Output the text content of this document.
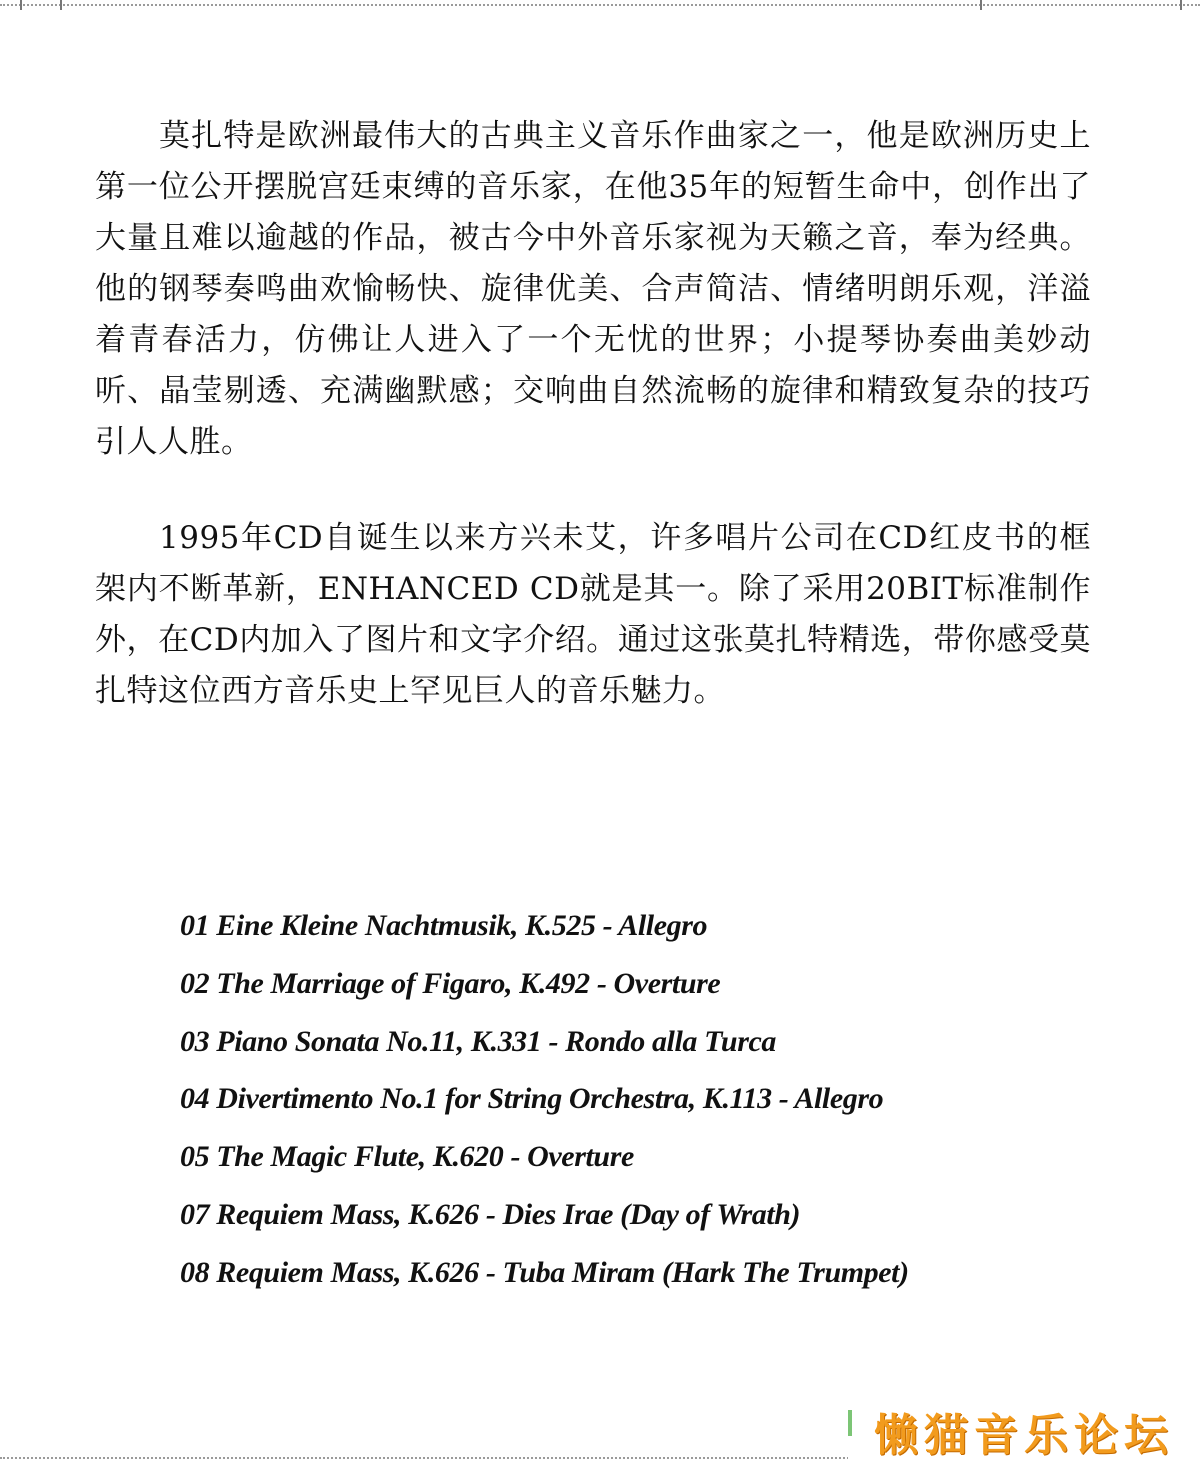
莫扎特是欧洲最伟大的古典主义音乐作曲家之一，他是欧洲历史上第一位公开摆脱宫廷束缚的音乐家，在他35年的短暂生命中，创作出了大量且难以逾越的作品，被古今中外音乐家视为天籁之音，奉为经典。他的钢琴奏鸣曲欢愉畅快、旋律优美、合声简洁、情绪明朗乐观，洋溢着青春活力，仿佛让人进入了一个无忧的世界；小提琴协奏曲美妙动听、晶莹剔透、充满幽默感；交响曲自然流畅的旋律和精致复杂的技巧引人人胜。

1995年CD自诞生以来方兴未艾，许多唱片公司在CD红皮书的框架内不断革新，ENHANCED CD就是其一。除了采用20BIT标准制作外，在CD内加入了图片和文字介绍。通过这张莫扎特精选，带你感受莫扎特这位西方音乐史上罕见巨人的音乐魅力。

01 Eine Kleine Nachtmusik, K.525 - Allegro
02 The Marriage of Figaro, K.492 - Overture
03 Piano Sonata No.11, K.331 - Rondo alla Turca
04 Divertimento No.1 for String Orchestra, K.113 - Allegro
05 The Magic Flute, K.620 - Overture
07 Requiem Mass, K.626 - Dies Irae (Day of Wrath)
08 Requiem Mass, K.626 - Tuba Miram (Hark The Trumpet)
懒猫音乐论坛
